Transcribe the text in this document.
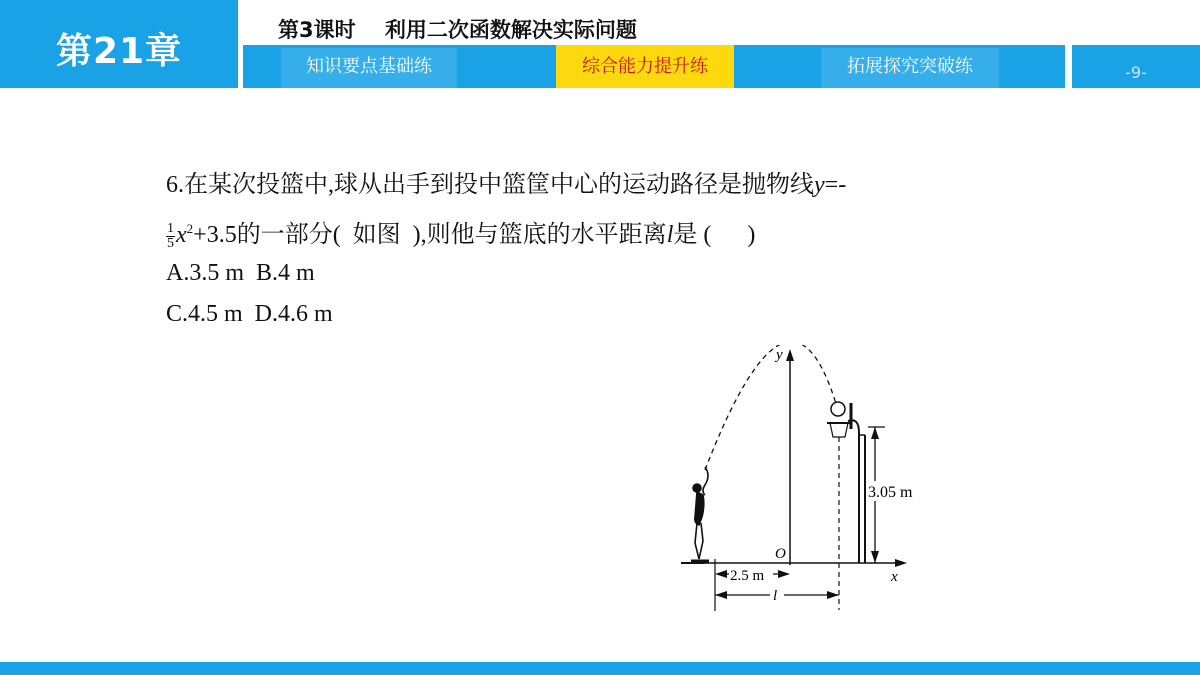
第21章
第3课时    利用二次函数解决实际问题
知识要点基础练	综合能力提升练	拓展探究突破练	-9-
6.在某次投篮中,球从出手到投中篮筐中心的运动路径是抛物线y=-
$\frac{1}{5} x^2+3.5$的一部分(  如图  ),则他与篮底的水平距离l是 (      )
A.3.5 m  B.4 m
C.4.5 m  D.4.6 m
y
x
O
3.05 m
2.5 m
l
